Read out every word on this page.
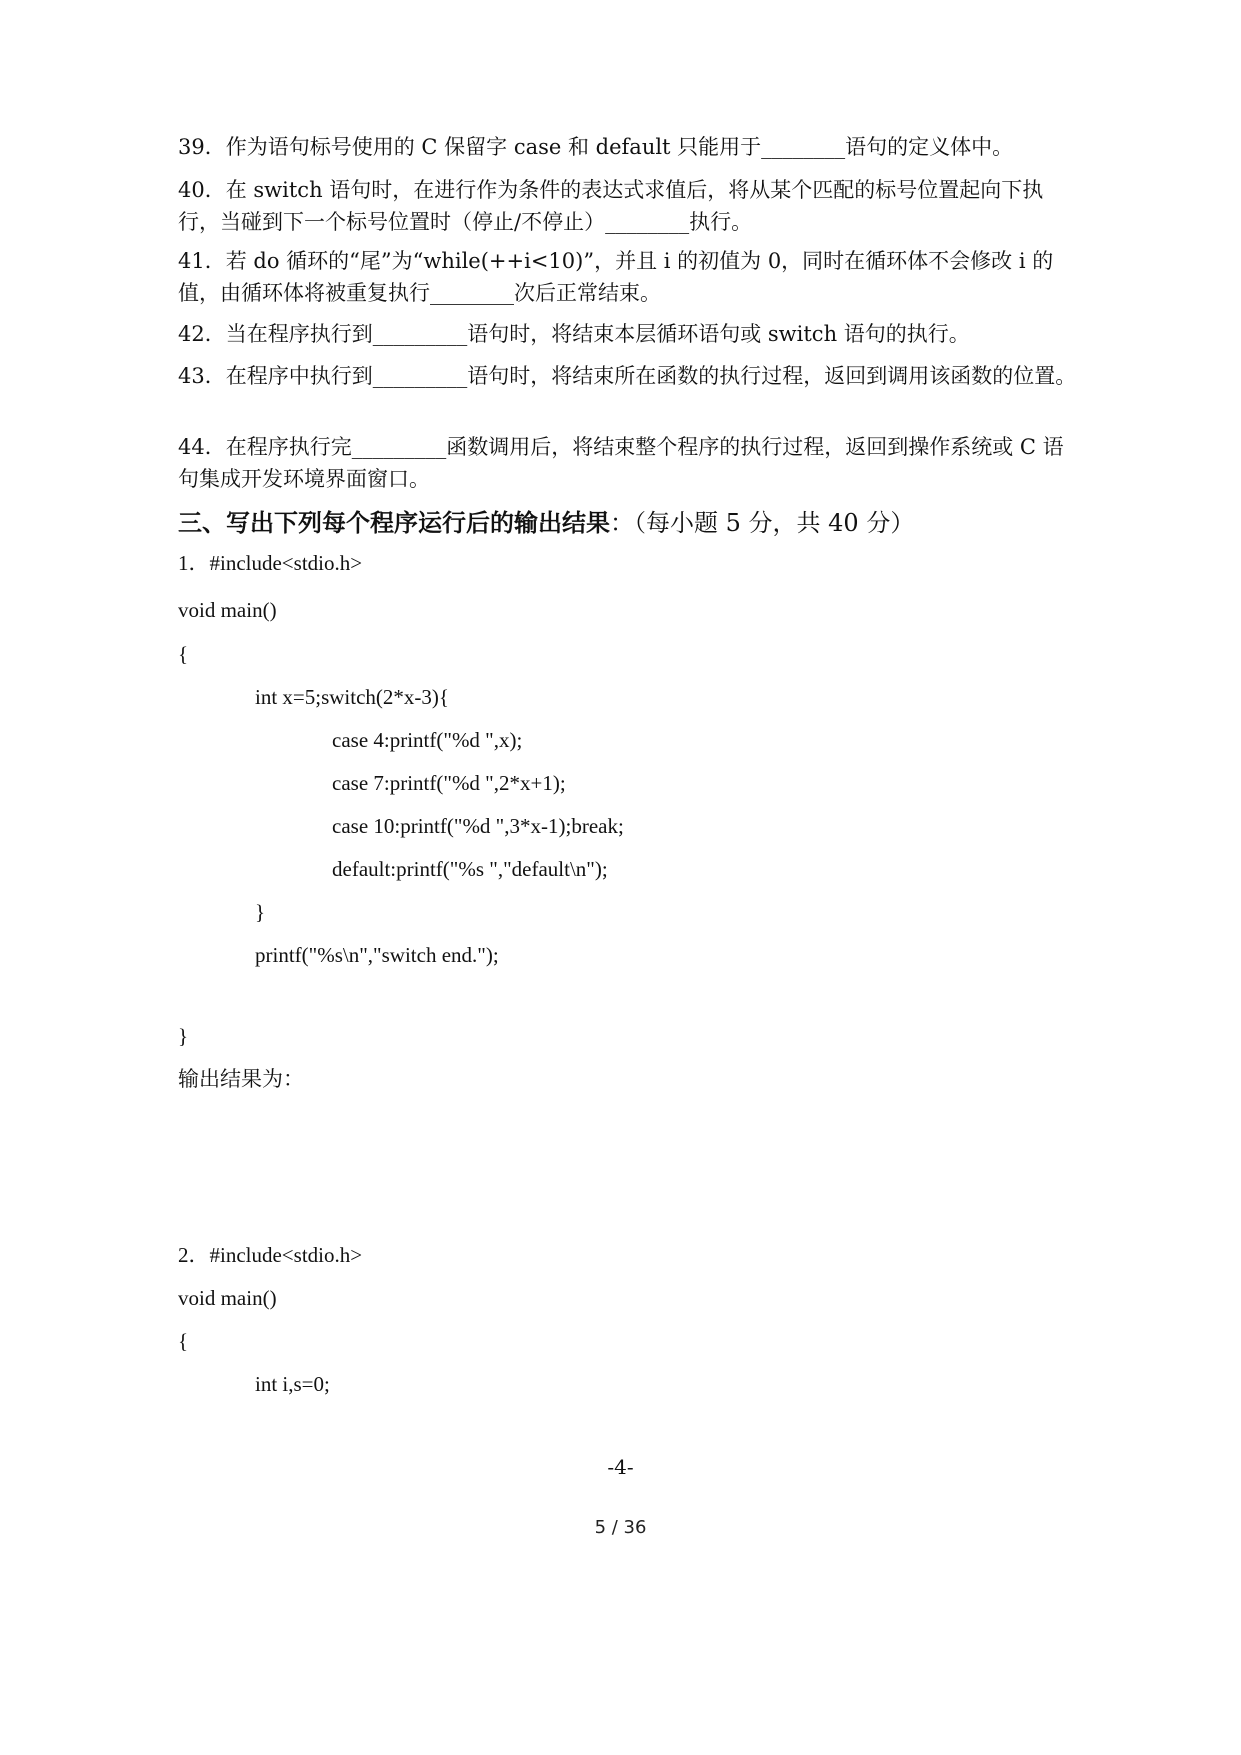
39．作为语句标号使用的 C 保留字 case 和 default 只能用于________语句的定义体中。
40．在 switch 语句时，在进行作为条件的表达式求值后，将从某个匹配的标号位置起向下执行，当碰到下一个标号位置时（停止/不停止）________执行。
41．若 do 循环的“尾”为“while(++i<10)”，并且 i 的初值为 0，同时在循环体不会修改 i 的值，由循环体将被重复执行________次后正常结束。
42．当在程序执行到_________语句时，将结束本层循环语句或 switch 语句的执行。
43．在程序中执行到_________语句时，将结束所在函数的执行过程，返回到调用该函数的位置。
44．在程序执行完_________函数调用后，将结束整个程序的执行过程，返回到操作系统或 C 语句集成开发环境界面窗口。
三、写出下列每个程序运行后的输出结果：（每小题 5 分，共 40 分）
1．#include<stdio.h>
void main()
{
int x=5;switch(2*x-3){
case 4:printf("%d ",x);
case 7:printf("%d ",2*x+1);
case 10:printf("%d ",3*x-1);break;
default:printf("%s ","default\n");
}
printf("%s\n","switch end.");
}
输出结果为：
2．#include<stdio.h>
void main()
{
int i,s=0;
-4-
5 / 36
